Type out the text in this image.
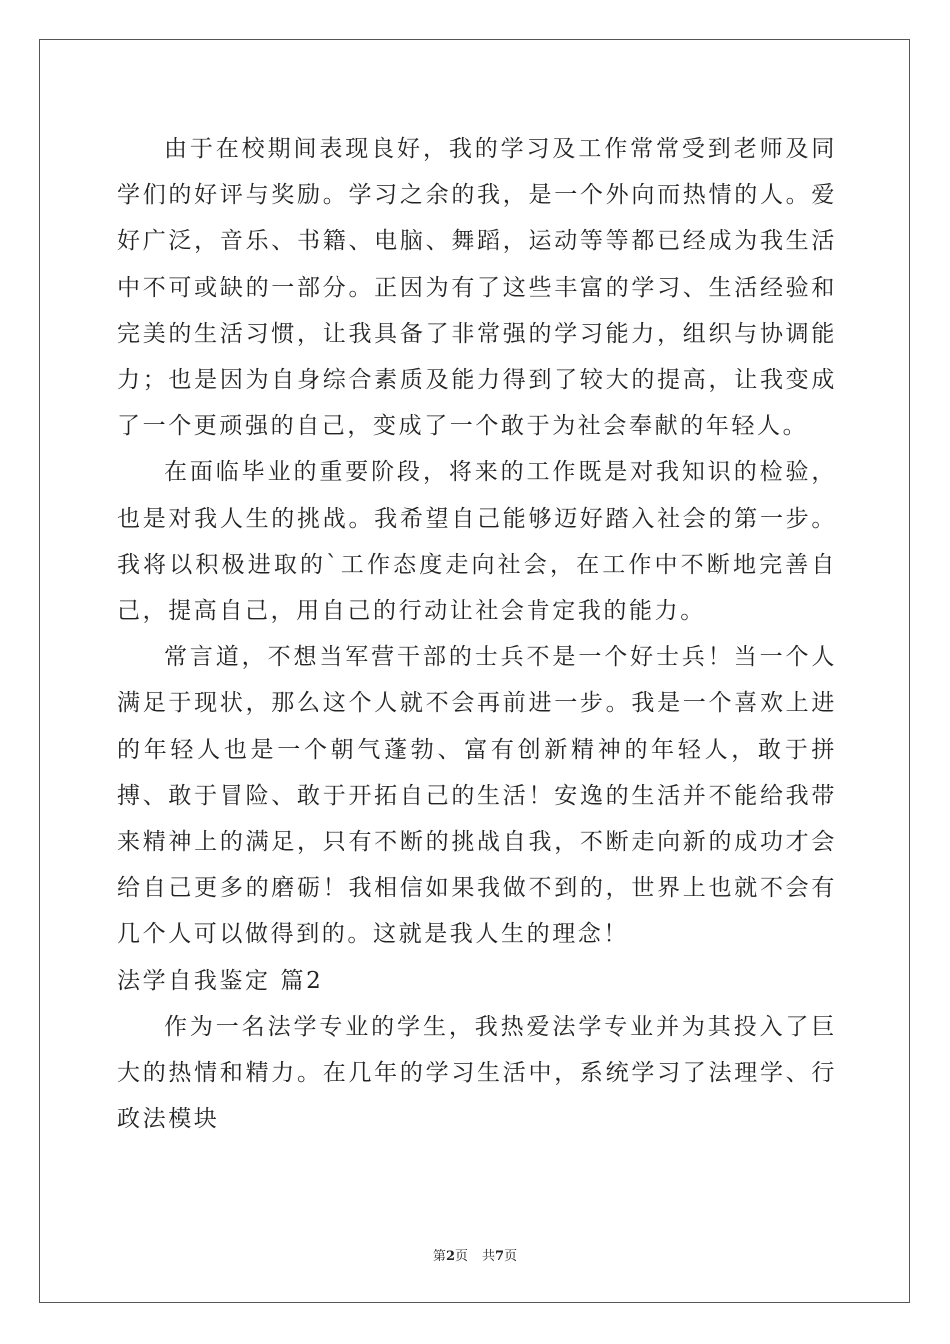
由于在校期间表现良好，我的学习及工作常常受到老师及同学们的好评与奖励。学习之余的我，是一个外向而热情的人。爱好广泛，音乐、书籍、电脑、舞蹈，运动等等都已经成为我生活中不可或缺的一部分。正因为有了这些丰富的学习、生活经验和完美的生活习惯，让我具备了非常强的学习能力，组织与协调能力；也是因为自身综合素质及能力得到了较大的提高，让我变成了一个更顽强的自己，变成了一个敢于为社会奉献的年轻人。

在面临毕业的重要阶段，将来的工作既是对我知识的检验，也是对我人生的挑战。我希望自己能够迈好踏入社会的第一步。我将以积极进取的`工作态度走向社会，在工作中不断地完善自己，提高自己，用自己的行动让社会肯定我的能力。

常言道，不想当军营干部的士兵不是一个好士兵！当一个人满足于现状，那么这个人就不会再前进一步。我是一个喜欢上进的年轻人也是一个朝气蓬勃、富有创新精神的年轻人，敢于拼搏、敢于冒险、敢于开拓自己的生活！安逸的生活并不能给我带来精神上的满足，只有不断的挑战自我，不断走向新的成功才会给自己更多的磨砺！我相信如果我做不到的，世界上也就不会有几个人可以做得到的。这就是我人生的理念！

法学自我鉴定 篇2

作为一名法学专业的学生，我热爱法学专业并为其投入了巨大的热情和精力。在几年的学习生活中，系统学习了法理学、行政法模块

第2页 共7页
